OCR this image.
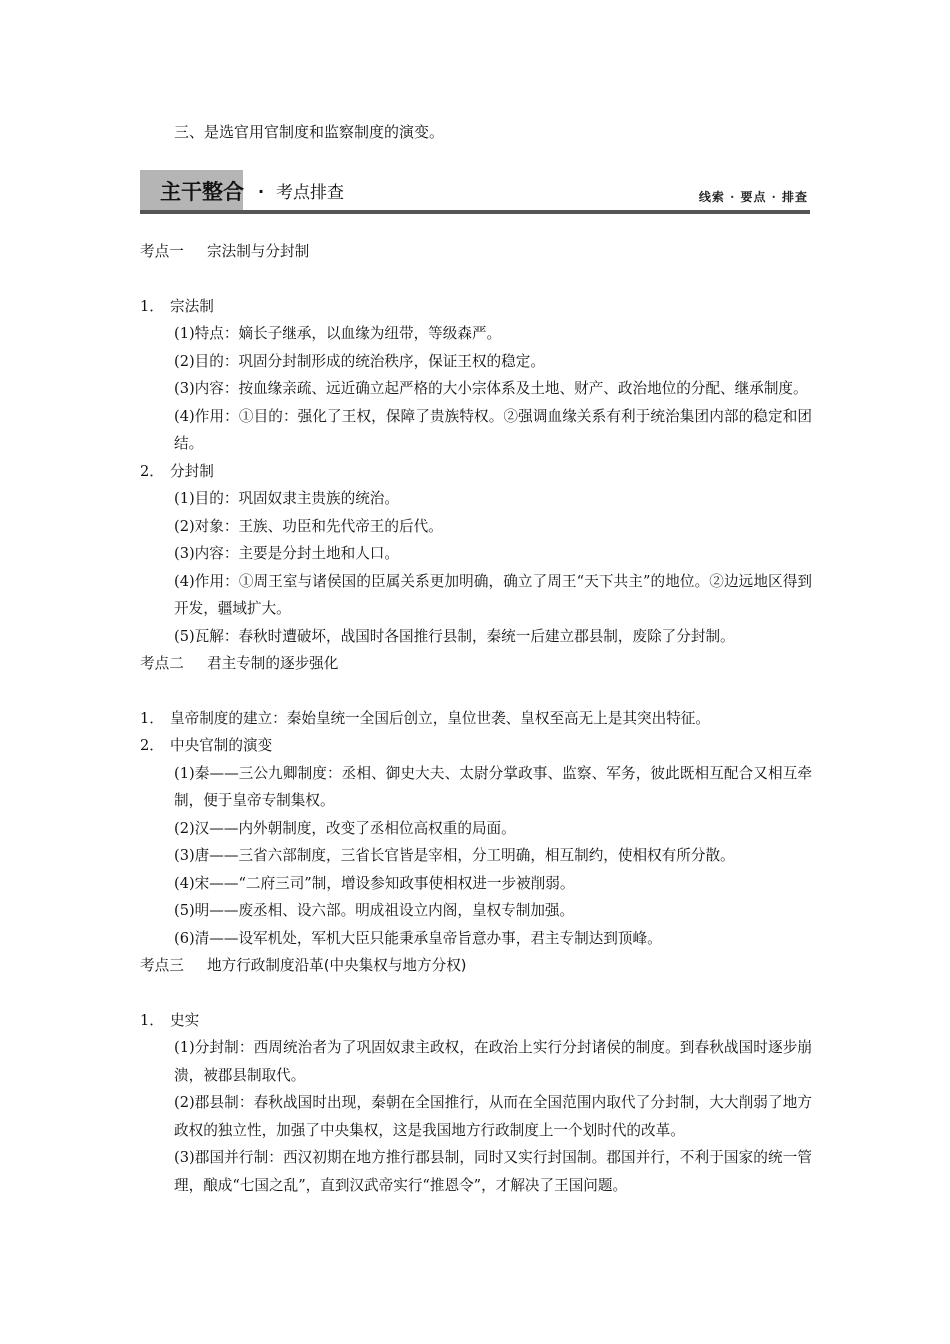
三、是选官用官制度和监察制度的演变。
主干整合 · 考点排查	线索 · 要点 · 排查
考点一 宗法制与分封制
1． 宗法制
(1)特点：嫡长子继承，以血缘为纽带，等级森严。
(2)目的：巩固分封制形成的统治秩序，保证王权的稳定。
(3)内容：按血缘亲疏、远近确立起严格的大小宗体系及土地、财产、政治地位的分配、继承制度。
(4)作用：①目的：强化了王权，保障了贵族特权。②强调血缘关系有利于统治集团内部的稳定和团结。
2． 分封制
(1)目的：巩固奴隶主贵族的统治。
(2)对象：王族、功臣和先代帝王的后代。
(3)内容：主要是分封土地和人口。
(4)作用：①周王室与诸侯国的臣属关系更加明确，确立了周王“天下共主”的地位。②边远地区得到开发，疆域扩大。
(5)瓦解：春秋时遭破坏，战国时各国推行县制，秦统一后建立郡县制，废除了分封制。
考点二 君主专制的逐步强化
1． 皇帝制度的建立：秦始皇统一全国后创立，皇位世袭、皇权至高无上是其突出特征。
2． 中央官制的演变
(1)秦——三公九卿制度：丞相、御史大夫、太尉分掌政事、监察、军务，彼此既相互配合又相互牵制，便于皇帝专制集权。
(2)汉——内外朝制度，改变了丞相位高权重的局面。
(3)唐——三省六部制度，三省长官皆是宰相，分工明确，相互制约，使相权有所分散。
(4)宋——“二府三司”制，增设参知政事使相权进一步被削弱。
(5)明——废丞相、设六部。明成祖设立内阁，皇权专制加强。
(6)清——设军机处，军机大臣只能秉承皇帝旨意办事，君主专制达到顶峰。
考点三 地方行政制度沿革(中央集权与地方分权)
1． 史实
(1)分封制：西周统治者为了巩固奴隶主政权，在政治上实行分封诸侯的制度。到春秋战国时逐步崩溃，被郡县制取代。
(2)郡县制：春秋战国时出现，秦朝在全国推行，从而在全国范围内取代了分封制，大大削弱了地方政权的独立性，加强了中央集权，这是我国地方行政制度上一个划时代的改革。
(3)郡国并行制：西汉初期在地方推行郡县制，同时又实行封国制。郡国并行，不利于国家的统一管理，酿成“七国之乱”，直到汉武帝实行“推恩令”，才解决了王国问题。
